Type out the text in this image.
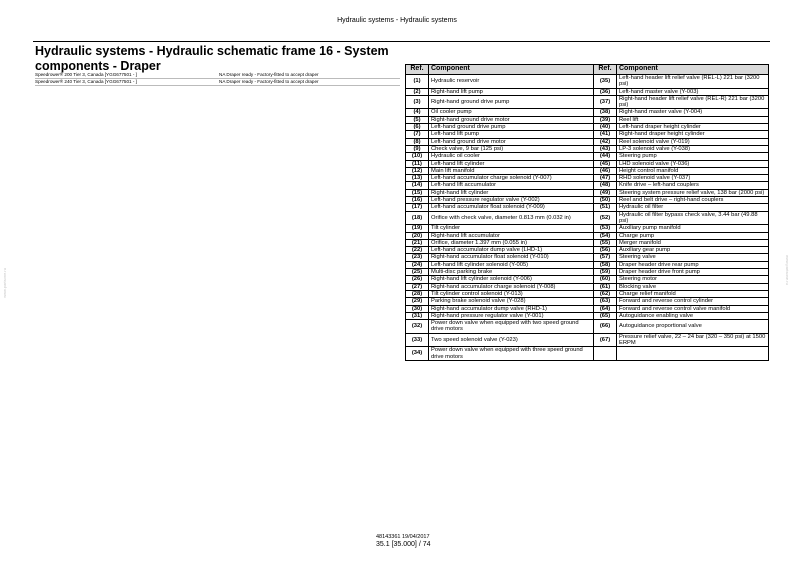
Hydraulic systems - Hydraulic systems
Hydraulic systems - Hydraulic schematic frame 16 - System components - Draper
Speedrower® 200 Tier 3, Canada [YGG677501 - ]	NA Draper ready - Factory-fitted to accept draper
Speedrower® 240 Tier 3, Canada [YGG677501 - ]	NA Draper ready - Factory-fitted to accept draper
Ref.	Component	Ref.	Component
(1)	Hydraulic reservoir	(35)	Left-hand header lift relief valve (REL-L) 221 bar (3200 psi)
(2)	Right-hand lift pump	(36)	Left-hand master valve (Y-003)
(3)	Right-hand ground drive pump	(37)	Right-hand header lift relief valve (REL-R) 221 bar (3200 psi)
(4)	Oil cooler pump	(38)	Right-hand master valve (Y-004)
(5)	Right-hand ground drive motor	(39)	Reel lift
(6)	Left-hand ground drive pump	(40)	Left-hand draper height cylinder
(7)	Left-hand lift pump	(41)	Right-hand draper height cylinder
(8)	Left-hand ground drive motor	(42)	Reel solenoid valve (Y-019)
(9)	Check valve, 9 bar (125 psi)	(43)	LP-3 solenoid valve (Y-038)
(10)	Hydraulic oil cooler	(44)	Steering pump
(11)	Left-hand lift cylinder	(45)	LHD solenoid valve (Y-036)
(12)	Main lift manifold	(46)	Height control manifold
(13)	Left-hand accumulator charge solenoid (Y-007)	(47)	RHD solenoid valve (Y-037)
(14)	Left-hand lift accumulator	(48)	Knife drive – left-hand couplers
(15)	Right-hand lift cylinder	(49)	Steering system pressure relief valve, 138 bar (2000 psi)
(16)	Left-hand pressure regulator valve (Y-002)	(50)	Reel and belt drive – right-hand couplers
(17)	Left-hand accumulator float solenoid (Y-009)	(51)	Hydraulic oil filter
(18)	Orifice with check valve, diameter 0.813 mm (0.032 in)	(52)	Hydraulic oil filter bypass check valve, 3.44 bar (49.88 psi)
(19)	Tilt cylinder	(53)	Auxiliary pump manifold
(20)	Right-hand lift accumulator	(54)	Charge pump
(21)	Orifice, diameter 1.397 mm (0.055 in)	(55)	Merger manifold
(22)	Left-hand accumulator dump valve (LHD-1)	(56)	Auxiliary gear pump
(23)	Right-hand accumulator float solenoid (Y-010)	(57)	Steering valve
(24)	Left-hand lift cylinder solenoid (Y-005)	(58)	Draper header drive rear pump
(25)	Multi-disc parking brake	(59)	Draper header drive front pump
(26)	Right-hand lift cylinder solenoid (Y-006)	(60)	Steering motor
(27)	Right-hand accumulator charge solenoid (Y-008)	(61)	Blocking valve
(28)	Tilt cylinder control solenoid (Y-013)	(62)	Charge relief manifold
(29)	Parking brake solenoid valve (Y-028)	(63)	Forward and reverse control cylinder
(30)	Right-hand accumulator dump valve (RHD-1)	(64)	Forward and reverse control valve manifold
(31)	Right-hand pressure regulator valve (Y-001)	(65)	Autoguidance enabling valve
(32)	Power down valve when equipped with two speed ground drive motors	(66)	Autoguidance proportional valve
(33)	Two speed solenoid valve (Y-023)	(67)	Pressure relief valve, 22 – 24 bar (320 – 350 psi) at 1500 ERPM
(34)	Power down valve when equipped with three speed ground drive motors		
48143361 19/04/2017
35.1 [35.000] / 74
www.partsone.ru	www.partsone.ru
